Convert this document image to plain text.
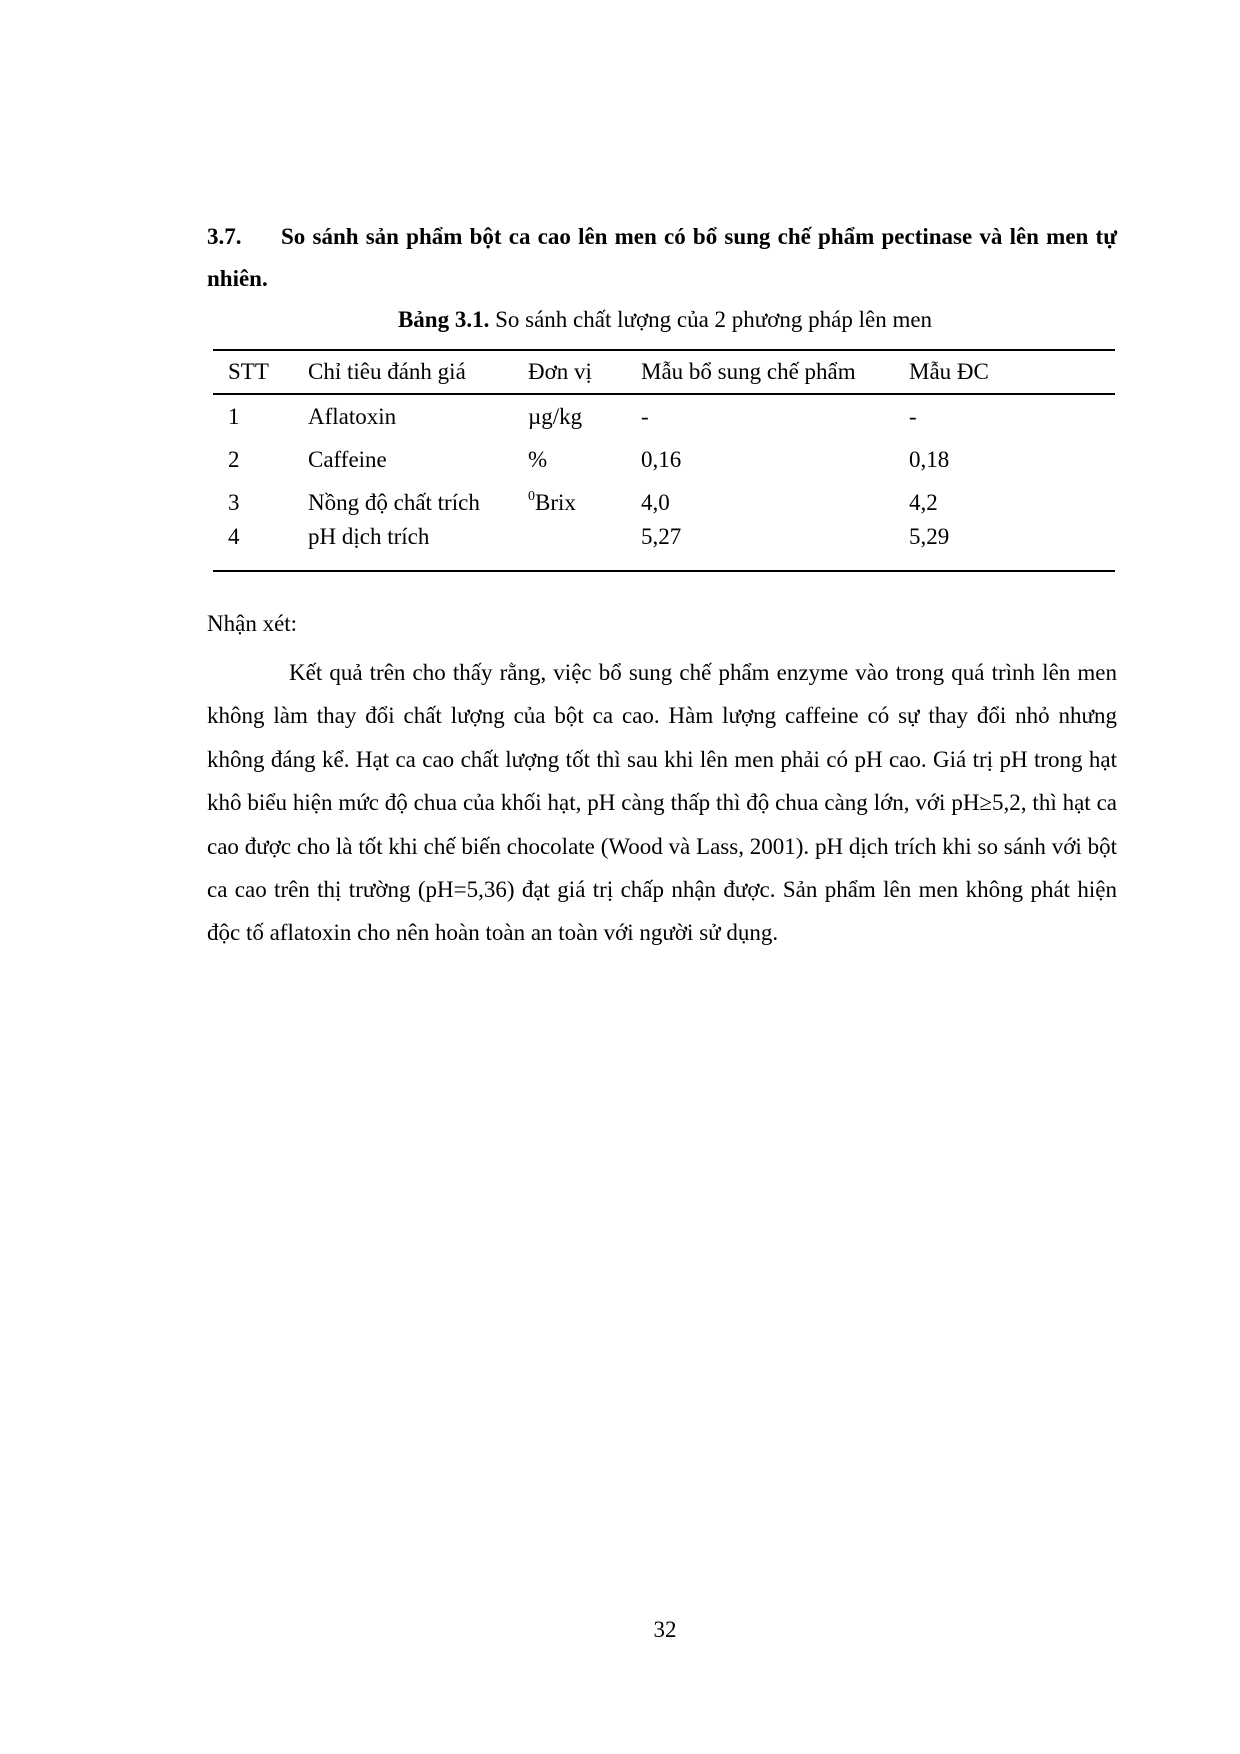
3.7. So sánh sản phẩm bột ca cao lên men có bổ sung chế phẩm pectinase và lên men tự nhiên.
Bảng 3.1. So sánh chất lượng của 2 phương pháp lên men
STT	Chỉ tiêu đánh giá	Đơn vị	Mẫu bổ sung chế phẩm	Mẫu ĐC
1	Aflatoxin	µg/kg	-	-
2	Caffeine	%	0,16	0,18
3	Nồng độ chất trích	$^0$Brix	4,0	4,2
4	pH dịch trích		5,27	5,29
Nhận xét:

Kết quả trên cho thấy rằng, việc bổ sung chế phẩm enzyme vào trong quá trình lên men không làm thay đổi chất lượng của bột ca cao. Hàm lượng caffeine có sự thay đổi nhỏ nhưng không đáng kể. Hạt ca cao chất lượng tốt thì sau khi lên men phải có pH cao. Giá trị pH trong hạt khô biểu hiện mức độ chua của khối hạt, pH càng thấp thì độ chua càng lớn, với pH≥5,2, thì hạt ca cao được cho là tốt khi chế biến chocolate (Wood và Lass, 2001). pH dịch trích khi so sánh với bột ca cao trên thị trường (pH=5,36) đạt giá trị chấp nhận được. Sản phẩm lên men không phát hiện độc tố aflatoxin cho nên hoàn toàn an toàn với người sử dụng.

32
